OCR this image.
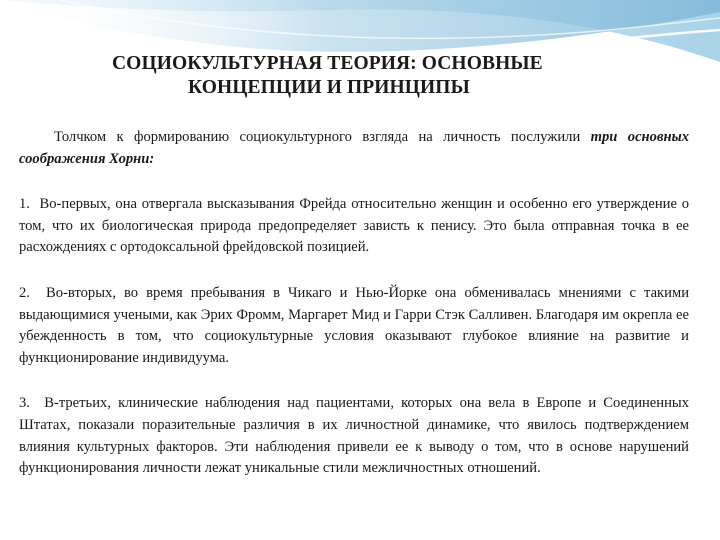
СОЦИОКУЛЬТУРНАЯ ТЕОРИЯ: ОСНОВНЫЕ
КОНЦЕПЦИИ И ПРИНЦИПЫ

Толчком к формированию социокультурного взгляда на личность послужили три основных соображения Хорни:

1. Во-первых, она отвергала высказывания Фрейда относительно женщин и особенно его утверждение о том, что их биологическая природа предопределяет зависть к пенису. Это была отправная точка в ее расхождениях с ортодоксальной фрейдовской позицией.

2. Во-вторых, во время пребывания в Чикаго и Нью-Йорке она обменивалась мнениями с такими выдающимися учеными, как Эрих Фромм, Маргарет Мид и Гарри Стэк Салливен. Благодаря им окрепла ее убежденность в том, что социокультурные условия оказывают глубокое влияние на развитие и функционирование индивидуума.

3. В-третьих, клинические наблюдения над пациентами, которых она вела в Европе и Соединенных Штатах, показали поразительные различия в их личностной динамике, что явилось подтверждением влияния культурных факторов. Эти наблюдения привели ее к выводу о том, что в основе нарушений функционирования личности лежат уникальные стили межличностных отношений.
